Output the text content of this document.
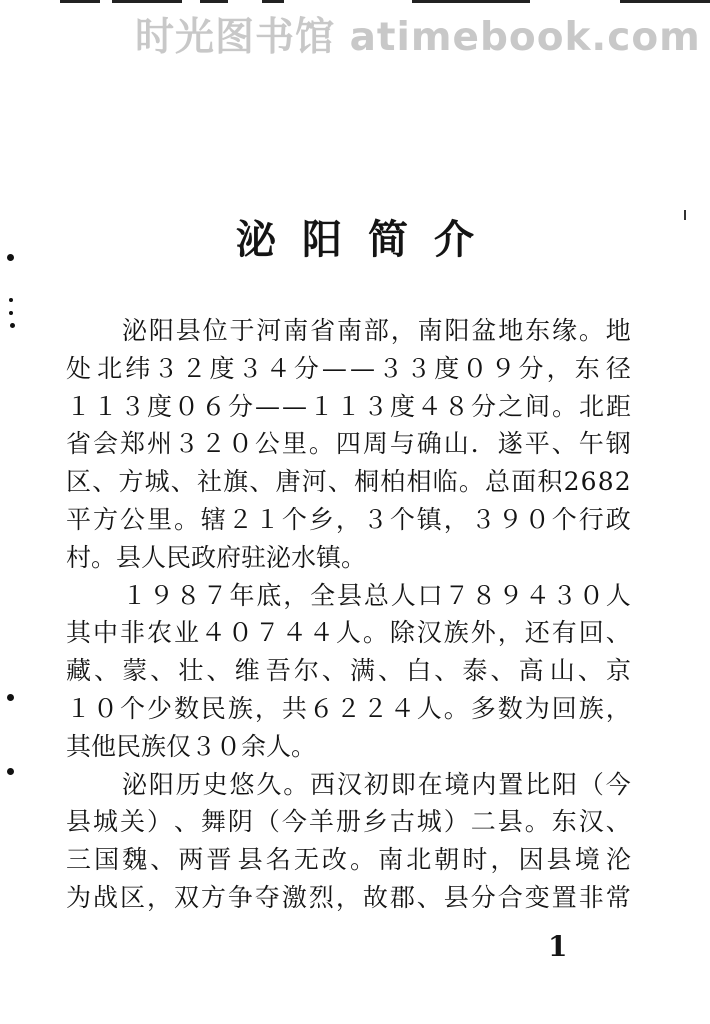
时光图书馆 atimebook.com
泌阳简介
泌 阳 县 位 于 河 南 省 南 部 ， 南 阳 盆 地 东 缘 。 地
处 北 纬 ３ ２ 度 ３ ４ 分 — — ３ ３ 度 ０ ９ 分 ， 东 径
１ １ ３ 度 ０ ６ 分 — — １ １ ３ 度 ４ ８ 分 之 间 。 北 距
省 会 郑 州 ３ ２ ０ 公 里 。 四 周 与 确 山 ． 遂 平 、 午 钢
区 、 方 城 、 社 旗 、 唐 河 、 桐 柏 相 临 。 总 面 积 2 6 8 2
平 方 公 里 。 辖 ２ １ 个 乡 ， ３ 个 镇 ， ３ ９ ０ 个 行 政
村。县人民政府驻泌水镇。
１ ９ ８ ７ 年 底 ， 全 县 总 人 口 ７ ８ ９ ４ ３ ０ 人
其 中 非 农 业 ４ ０ ７ ４ ４ 人 。 除 汉 族 外 ， 还 有 回 、
藏 、 蒙 、 壮 、 维 吾 尔 、 满 、 白 、 泰 、 高 山 、 京
１ ０ 个 少 数 民 族 ， 共 ６ ２ ２ ４ 人 。 多 数 为 回 族 ，
其他民族仅３０余人。
泌 阳 历 史 悠 久 。 西 汉 初 即 在 境 内 置 比 阳 （ 今
县 城 关 ） 、 舞 阴 （ 今 羊 册 乡 古 城 ） 二 县 。 东 汉 、
三 国 魏 、 两 晋 县 名 无 改 。 南 北 朝 时 ， 因 县 境 沦
为 战 区 ， 双 方 争 夺 激 烈 ， 故 郡 、 县 分 合 变 置 非 常
1
